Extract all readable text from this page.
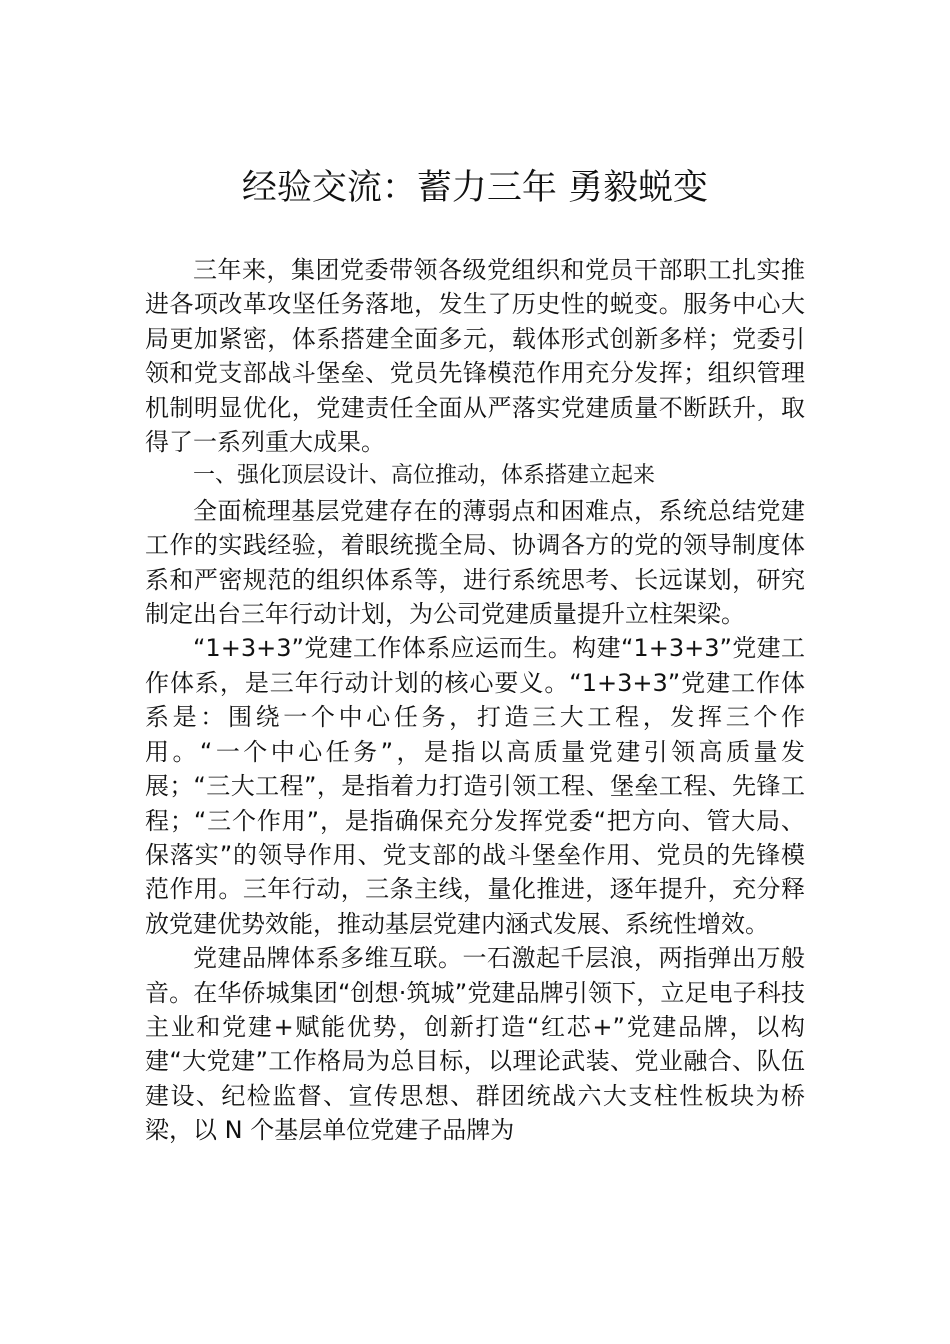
经验交流：蓄力三年 勇毅蜕变

三年来，集团党委带领各级党组织和党员干部职工扎实推进各项改革攻坚任务落地，发生了历史性的蜕变。服务中心大局更加紧密，体系搭建全面多元，载体形式创新多样；党委引领和党支部战斗堡垒、党员先锋模范作用充分发挥；组织管理机制明显优化，党建责任全面从严落实党建质量不断跃升，取得了一系列重大成果。

一、强化顶层设计、高位推动，体系搭建立起来

全面梳理基层党建存在的薄弱点和困难点，系统总结党建工作的实践经验，着眼统揽全局、协调各方的党的领导制度体系和严密规范的组织体系等，进行系统思考、长远谋划，研究制定出台三年行动计划，为公司党建质量提升立柱架梁。

“1+3+3”党建工作体系应运而生。构建“1+3+3”党建工作体系，是三年行动计划的核心要义。“1+3+3”党建工作体系是：围绕一个中心任务，打造三大工程，发挥三个作用。“一个中心任务”，是指以高质量党建引领高质量发展；“三大工程”，是指着力打造引领工程、堡垒工程、先锋工程；“三个作用”，是指确保充分发挥党委“把方向、管大局、保落实”的领导作用、党支部的战斗堡垒作用、党员的先锋模范作用。三年行动，三条主线，量化推进，逐年提升，充分释放党建优势效能，推动基层党建内涵式发展、系统性增效。

党建品牌体系多维互联。一石激起千层浪，两指弹出万般音。在华侨城集团“创想·筑城”党建品牌引领下，立足电子科技主业和党建+赋能优势，创新打造“红芯+”党建品牌，以构建“大党建”工作格局为总目标，以理论武装、党业融合、队伍建设、纪检监督、宣传思想、群团统战六大支柱性板块为桥梁，以 N 个基层单位党建子品牌为
